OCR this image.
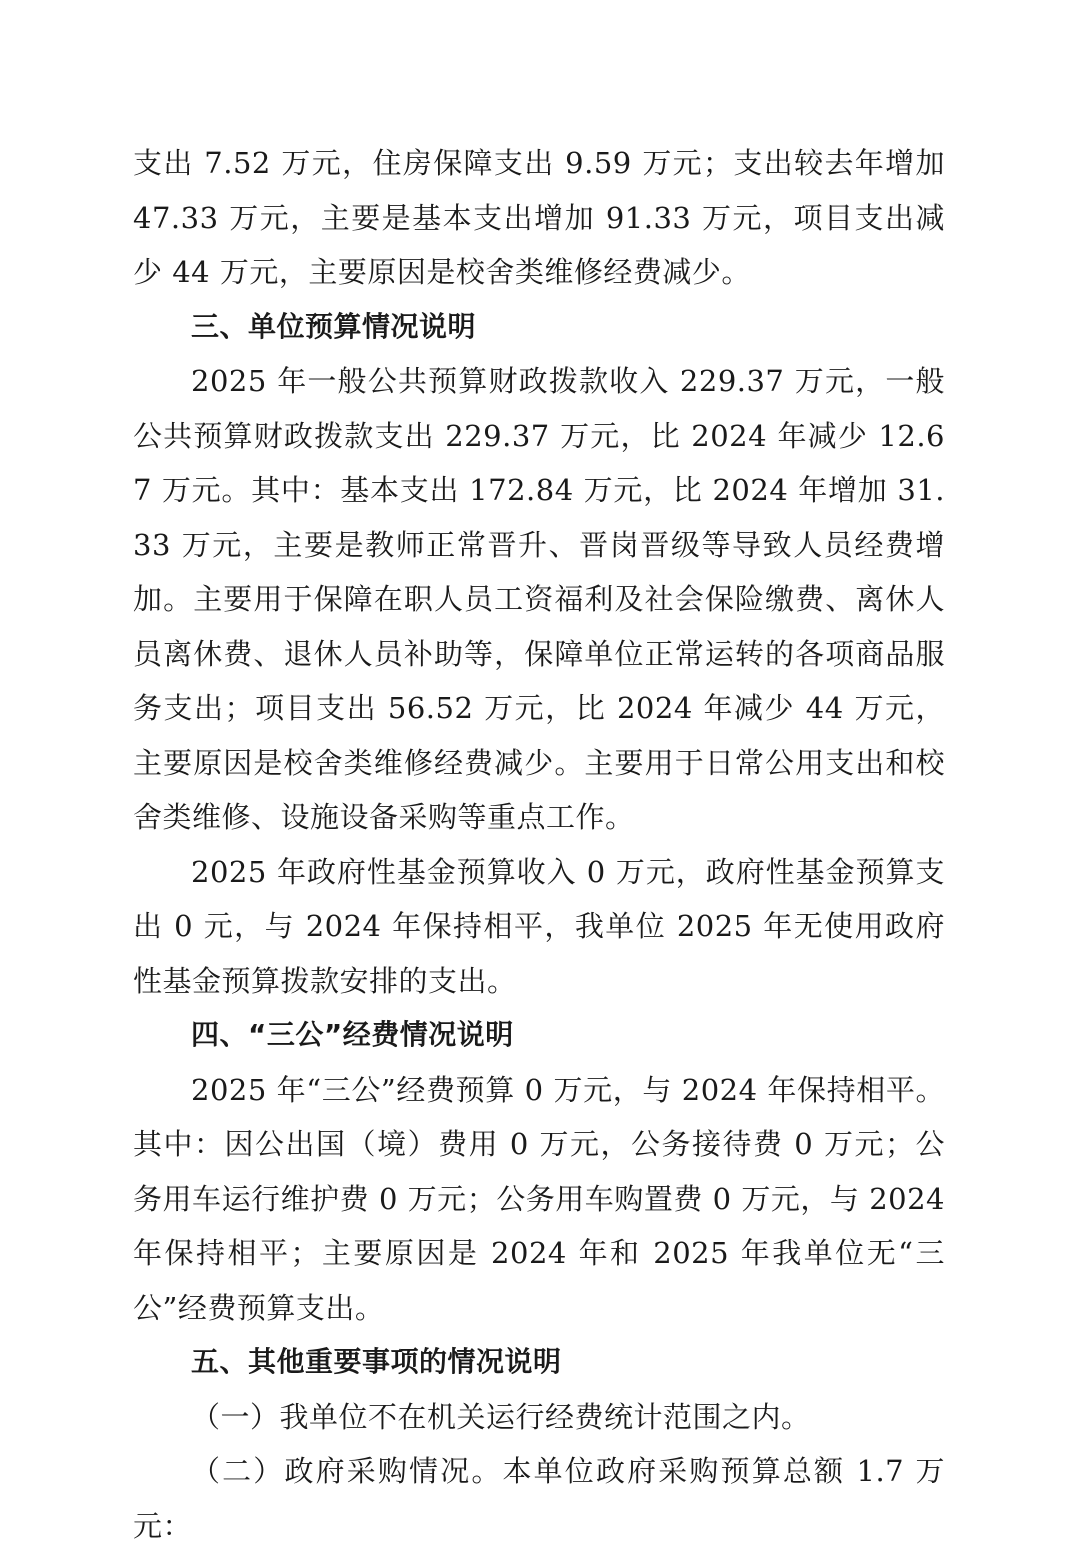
支出 7.52 万元，住房保障支出 9.59 万元；支出较去年增加 47.33 万元，主要是基本支出增加 91.33 万元，项目支出减少 44 万元，主要原因是校舍类维修经费减少。

三、单位预算情况说明

2025 年一般公共预算财政拨款收入 229.37 万元，一般公共预算财政拨款支出 229.37 万元，比 2024 年减少 12.67 万元。其中：基本支出 172.84 万元，比 2024 年增加 31.33 万元，主要是教师正常晋升、晋岗晋级等导致人员经费增加。主要用于保障在职人员工资福利及社会保险缴费、离休人员离休费、退休人员补助等，保障单位正常运转的各项商品服务支出；项目支出 56.52 万元，比 2024 年减少 44 万元，主要原因是校舍类维修经费减少。主要用于日常公用支出和校舍类维修、设施设备采购等重点工作。

2025 年政府性基金预算收入 0 万元，政府性基金预算支出 0 元，与 2024 年保持相平，我单位 2025 年无使用政府性基金预算拨款安排的支出。

四、“三公”经费情况说明

2025 年“三公”经费预算 0 万元，与 2024 年保持相平。其中：因公出国（境）费用 0 万元，公务接待费 0 万元；公务用车运行维护费 0 万元；公务用车购置费 0 万元，与 2024 年保持相平；主要原因是 2024 年和 2025 年我单位无“三公”经费预算支出。

五、其他重要事项的情况说明

（一）我单位不在机关运行经费统计范围之内。

（二）政府采购情况。本单位政府采购预算总额 1.7 万元：
